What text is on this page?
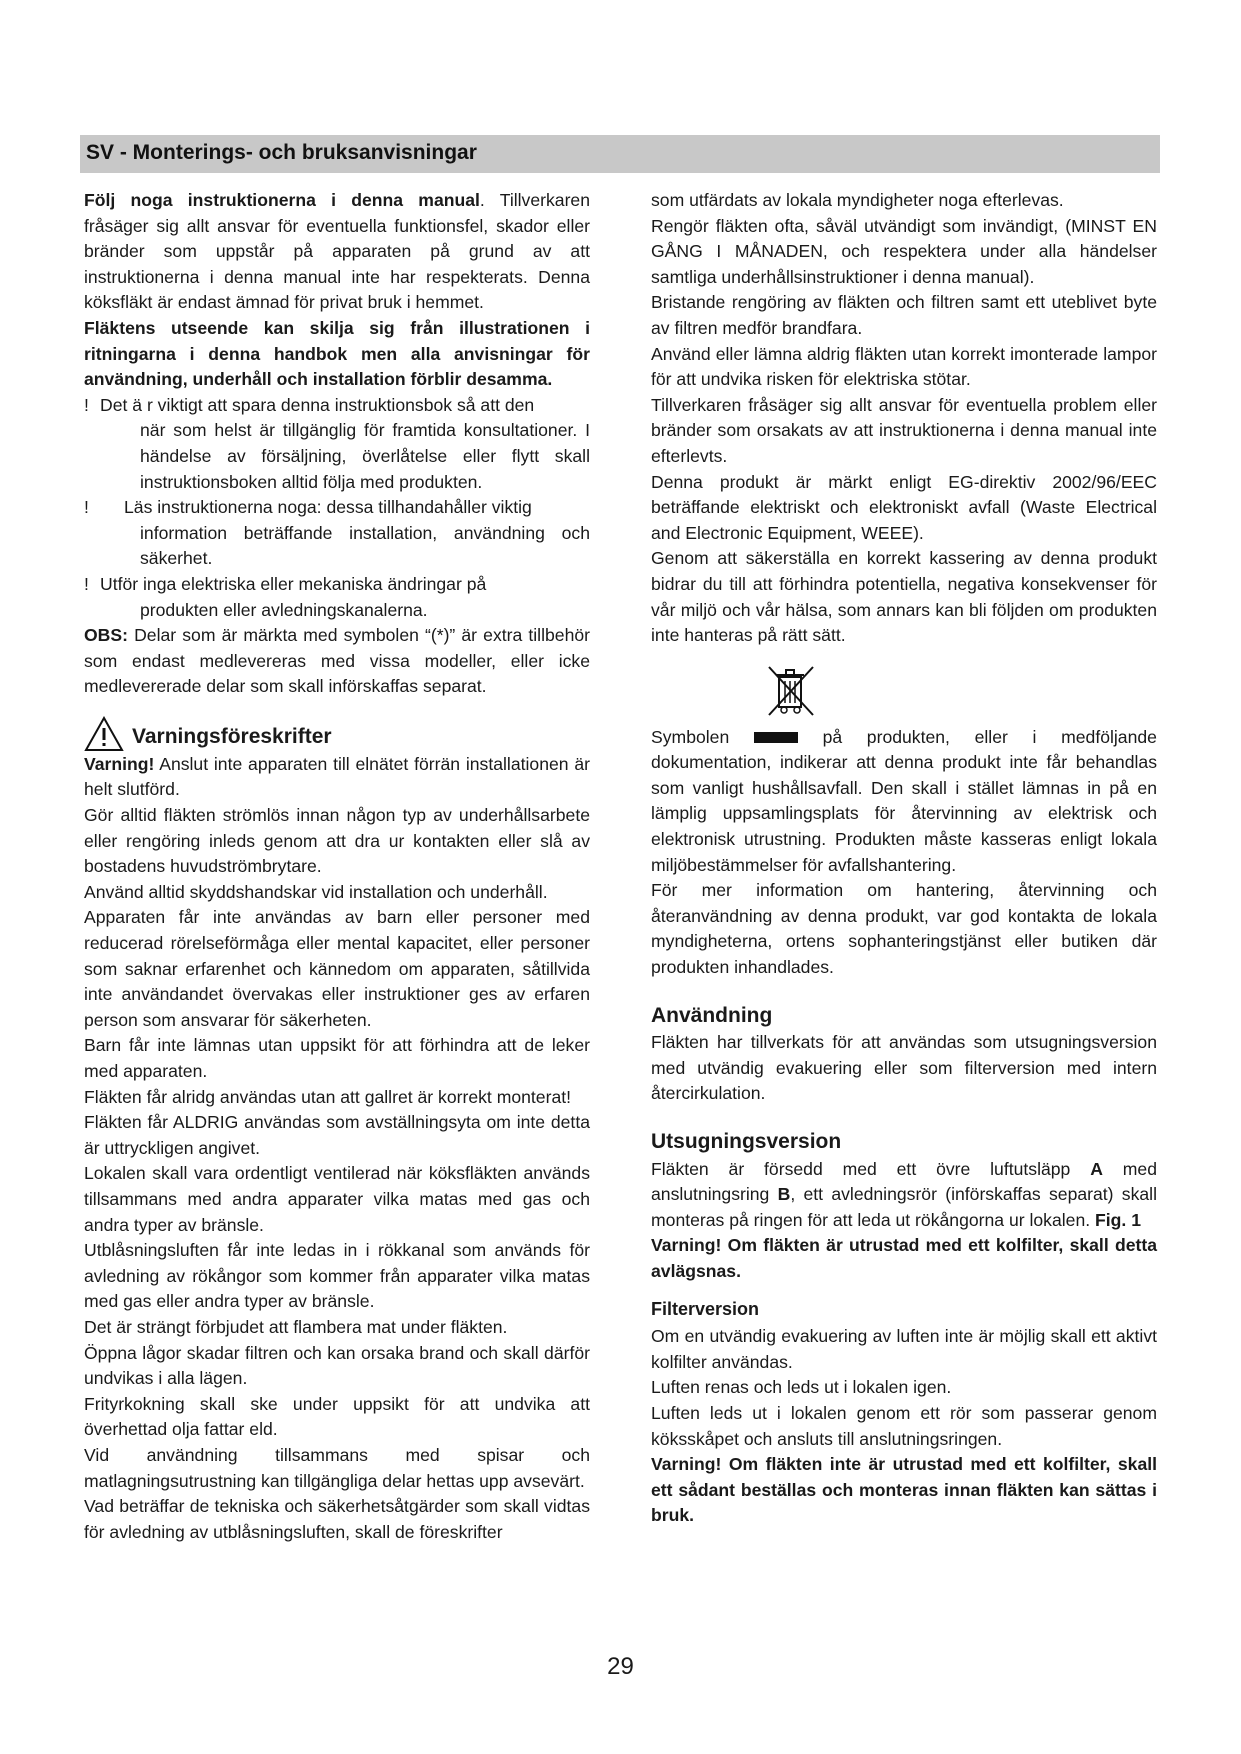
SV - Monterings- och bruksanvisningar

Följ noga instruktionerna i denna manual. Tillverkaren fråsäger sig allt ansvar för eventuella funktionsfel, skador eller bränder som uppstår på apparaten på grund av att instruktionerna i denna manual inte har respekterats. Denna köksfläkt är endast ämnad för privat bruk i hemmet.

Fläktens utseende kan skilja sig från illustrationen i ritningarna i denna handbok men alla anvisningar för användning, underhåll och installation förblir desamma.

! Det ä r viktigt att spara denna instruktionsbok så att den
när som helst är tillgänglig för framtida konsultationer. I händelse av försäljning, överlåtelse eller flytt skall instruktionsboken alltid följa med produkten.
!	Läs instruktionerna noga: dessa tillhandahåller viktig
information beträffande installation, användning och säkerhet.
! Utför inga elektriska eller mekaniska ändringar på
produkten eller avledningskanalerna.

OBS: Delar som är märkta med symbolen “(*)” är extra tillbehör som endast medlevereras med vissa modeller, eller icke medlevererade delar som skall införskaffas separat.

Varningsföreskrifter

Varning! Anslut inte apparaten till elnätet förrän installationen är helt slutförd.

Gör alltid fläkten strömlös innan någon typ av underhållsarbete eller rengöring inleds genom att dra ur kontakten eller slå av bostadens huvudströmbrytare.

Använd alltid skyddshandskar vid installation och underhåll.

Apparaten får inte användas av barn eller personer med reducerad rörelseförmåga eller mental kapacitet, eller personer som saknar erfarenhet och kännedom om apparaten, såtillvida inte användandet övervakas eller instruktioner ges av erfaren person som ansvarar för säkerheten.

Barn får inte lämnas utan uppsikt för att förhindra att de leker med apparaten.

Fläkten får alridg användas utan att gallret är korrekt monterat!

Fläkten får ALDRIG användas som avställningsyta om inte detta är uttryckligen angivet.

Lokalen skall vara ordentligt ventilerad när köksfläkten används tillsammans med andra apparater vilka matas med gas och andra typer av bränsle.

Utblåsningsluften får inte ledas in i rökkanal som används för avledning av rökångor som kommer från apparater vilka matas med gas eller andra typer av bränsle.

Det är strängt förbjudet att flambera mat under fläkten.

Öppna lågor skadar filtren och kan orsaka brand och skall därför undvikas i alla lägen.

Frityrkokning skall ske under uppsikt för att undvika att överhettad olja fattar eld.

Vid användning tillsammans med spisar och matlagningsutrustning kan tillgängliga delar hettas upp avsevärt.

Vad beträffar de tekniska och säkerhetsåtgärder som skall vidtas för avledning av utblåsningsluften, skall de föreskrifter

som utfärdats av lokala myndigheter noga efterlevas.

Rengör fläkten ofta, såväl utvändigt som invändigt, (MINST EN GÅNG I MÅNADEN, och respektera under alla händelser samtliga underhållsinstruktioner i denna manual).

Bristande rengöring av fläkten och filtren samt ett uteblivet byte av filtren medför brandfara.

Använd eller lämna aldrig fläkten utan korrekt imonterade lampor för att undvika risken för elektriska stötar.

Tillverkaren fråsäger sig allt ansvar för eventuella problem eller bränder som orsakats av att instruktionerna i denna manual inte efterlevts.

Denna produkt är märkt enligt EG-direktiv 2002/96/EEC beträffande elektriskt och elektroniskt avfall (Waste Electrical and Electronic Equipment, WEEE).

Genom att säkerställa en korrekt kassering av denna produkt bidrar du till att förhindra potentiella, negativa konsekvenser för vår miljö och vår hälsa, som annars kan bli följden om produkten inte hanteras på rätt sätt.

Symbolen	på produkten, eller i medföljande

dokumentation, indikerar att denna produkt inte får behandlas som vanligt hushållsavfall. Den skall i stället lämnas in på en lämplig uppsamlingsplats för återvinning av elektrisk och elektronisk utrustning. Produkten måste kasseras enligt lokala miljöbestämmelser för avfallshantering.

För mer information om hantering, återvinning och återanvändning av denna produkt, var god kontakta de lokala myndigheterna, ortens sophanteringstjänst eller butiken där produkten inhandlades.

Användning

Fläkten har tillverkats för att användas som utsugningsversion med utvändig evakuering eller som filterversion med intern återcirkulation.

Utsugningsversion

Fläkten är försedd med ett övre luftutsläpp A med anslutningsring B, ett avledningsrör (införskaffas separat) skall monteras på ringen för att leda ut rökångorna ur lokalen. Fig. 1

Varning! Om fläkten är utrustad med ett kolfilter, skall detta avlägsnas.

Filterversion

Om en utvändig evakuering av luften inte är möjlig skall ett aktivt kolfilter användas.

Luften renas och leds ut i lokalen igen.

Luften leds ut i lokalen genom ett rör som passerar genom köksskåpet och ansluts till anslutningsringen.

Varning! Om fläkten inte är utrustad med ett kolfilter, skall ett sådant beställas och monteras innan fläkten kan sättas i bruk.

29
